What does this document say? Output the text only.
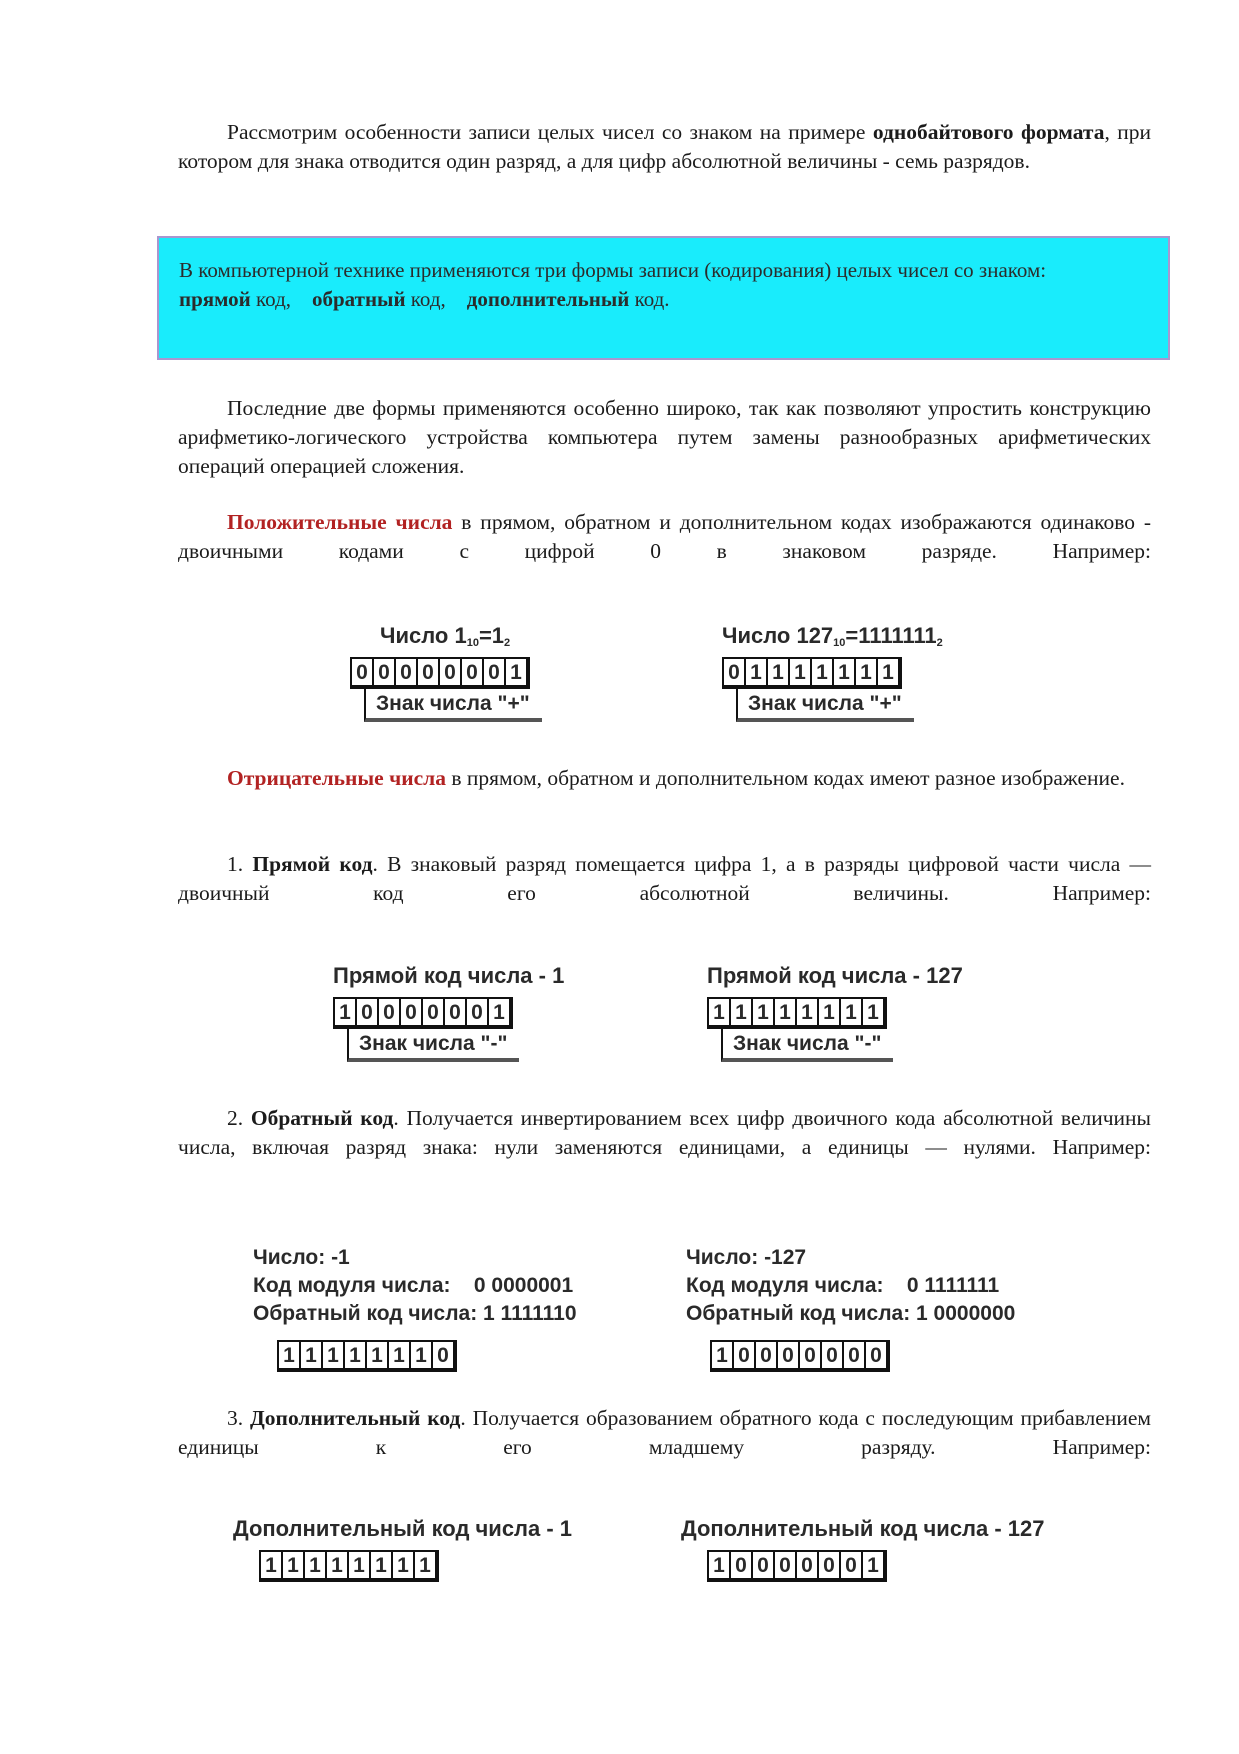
Рассмотрим особенности записи целых чисел со знаком на примере однобайтового формата, при котором для знака отводится один разряд, а для цифр абсолютной величины - семь разрядов.

В компьютерной технике применяются три формы записи (кодирования) целых чисел со знаком:
прямой код, обратный код, дополнительный код.

Последние две формы применяются особенно широко, так как позволяют упростить конструкцию арифметико-логического устройства компьютера путем замены разнообразных арифметических операций операцией сложения.

Положительные числа в прямом, обратном и дополнительном кодах изображаются одинаково - двоичными кодами с цифрой 0 в знаковом разряде. Например:

Число $1_{10}=1_2$
0 0 0 0 0 0 0 1
Знак числа "+"
Число $127_{10}=1111111_2$
0 1 1 1 1 1 1 1
Знак числа "+"

Отрицательные числа в прямом, обратном и дополнительном кодах имеют разное изображение.

1. Прямой код. В знаковый разряд помещается цифра 1, а в разряды цифровой части числа — двоичный код его абсолютной величины. Например:

Прямой код числа - 1
1 0 0 0 0 0 0 1
Знак числа "-"
Прямой код числа - 127
1 1 1 1 1 1 1 1
Знак числа "-"

2. Обратный код. Получается инвертированием всех цифр двоичного кода абсолютной величины числа, включая разряд знака: нули заменяются единицами, а единицы — нулями. Например:

Число: -1
Код модуля числа:    0 0000001
Обратный код числа: 1 1111110
1 1 1 1 1 1 1 0
Число: -127
Код модуля числа:    0 1111111
Обратный код числа: 1 0000000
1 0 0 0 0 0 0 0

3. Дополнительный код. Получается образованием обратного кода с последующим прибавлением единицы к его младшему разряду. Например:

Дополнительный код числа - 1
1 1 1 1 1 1 1 1
Дополнительный код числа - 127
1 0 0 0 0 0 0 1
